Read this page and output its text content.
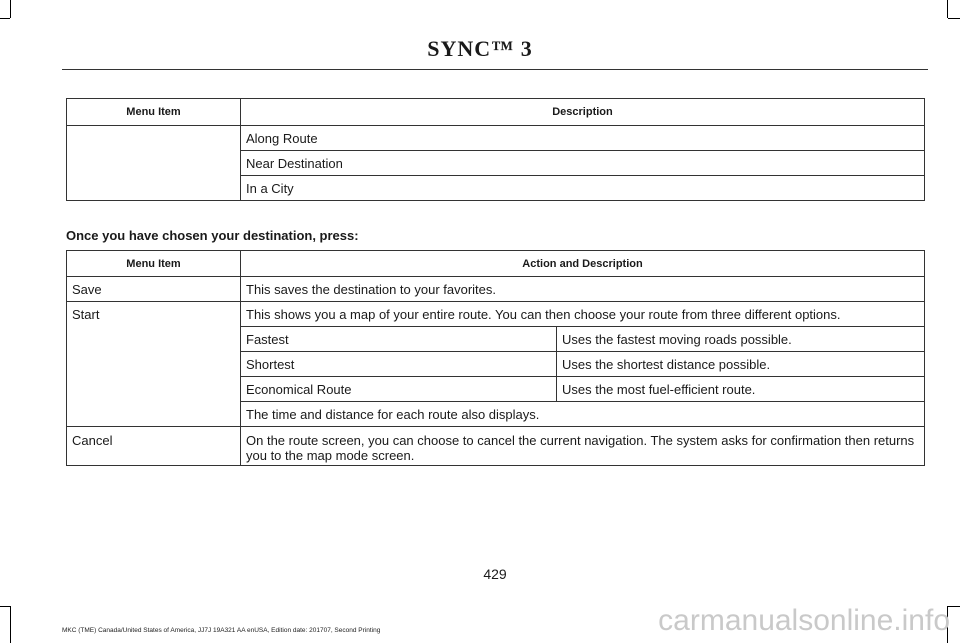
SYNC™ 3
Menu Item	Description
	Along Route
	Near Destination
	In a City
Once you have chosen your destination, press:
Menu Item	Action and Description	
Save	This saves the destination to your favorites.	
Start	This shows you a map of your entire route. You can then choose your route from three different options.	
	Fastest	Uses the fastest moving roads possible.
	Shortest	Uses the shortest distance possible.
	Economical Route	Uses the most fuel-efficient route.
	The time and distance for each route also displays.	
Cancel	On the route screen, you can choose to cancel the current navigation. The system asks for confirmation then returns you to the map mode screen.	
429
MKC (TME) Canada/United States of America, JJ7J 19A321 AA enUSA, Edition date: 201707, Second Printing	carmanualsonline.info
